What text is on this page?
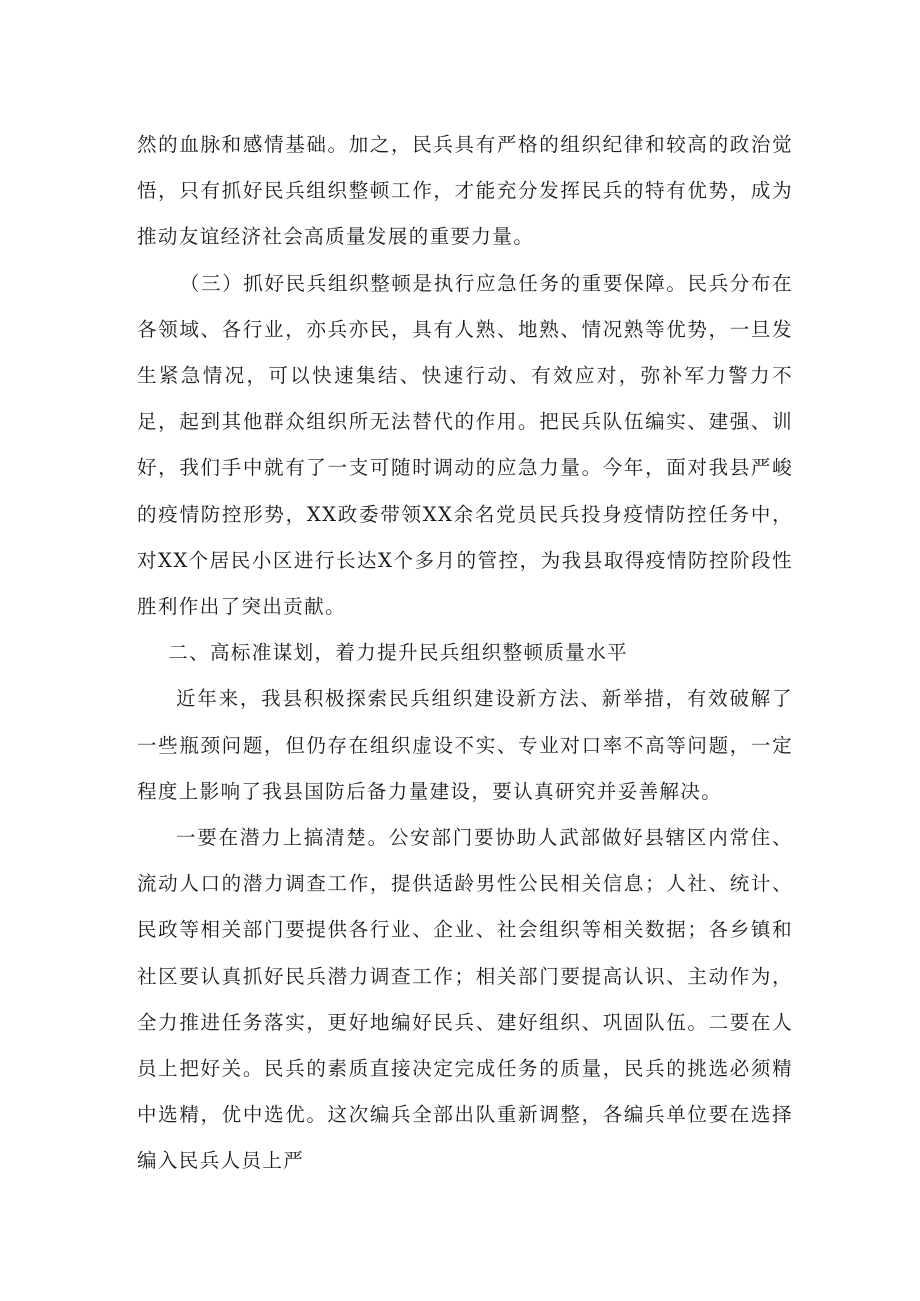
然的血脉和感情基础。加之，民兵具有严格的组织纪律和较高的政治觉悟，只有抓好民兵组织整顿工作，才能充分发挥民兵的特有优势，成为推动友谊经济社会高质量发展的重要力量。

（三）抓好民兵组织整顿是执行应急任务的重要保障。民兵分布在各领域、各行业，亦兵亦民，具有人熟、地熟、情况熟等优势，一旦发生紧急情况，可以快速集结、快速行动、有效应对，弥补军力警力不足，起到其他群众组织所无法替代的作用。把民兵队伍编实、建强、训好，我们手中就有了一支可随时调动的应急力量。今年，面对我县严峻的疫情防控形势，XX政委带领XX余名党员民兵投身疫情防控任务中，对XX个居民小区进行长达X个多月的管控，为我县取得疫情防控阶段性胜利作出了突出贡献。

二、高标准谋划，着力提升民兵组织整顿质量水平

近年来，我县积极探索民兵组织建设新方法、新举措，有效破解了一些瓶颈问题，但仍存在组织虚设不实、专业对口率不高等问题，一定程度上影响了我县国防后备力量建设，要认真研究并妥善解决。

一要在潜力上搞清楚。公安部门要协助人武部做好县辖区内常住、流动人口的潜力调查工作，提供适龄男性公民相关信息；人社、统计、民政等相关部门要提供各行业、企业、社会组织等相关数据；各乡镇和社区要认真抓好民兵潜力调查工作；相关部门要提高认识、主动作为，全力推进任务落实，更好地编好民兵、建好组织、巩固队伍。二要在人员上把好关。民兵的素质直接决定完成任务的质量，民兵的挑选必须精中选精，优中选优。这次编兵全部出队重新调整，各编兵单位要在选择编入民兵人员上严
